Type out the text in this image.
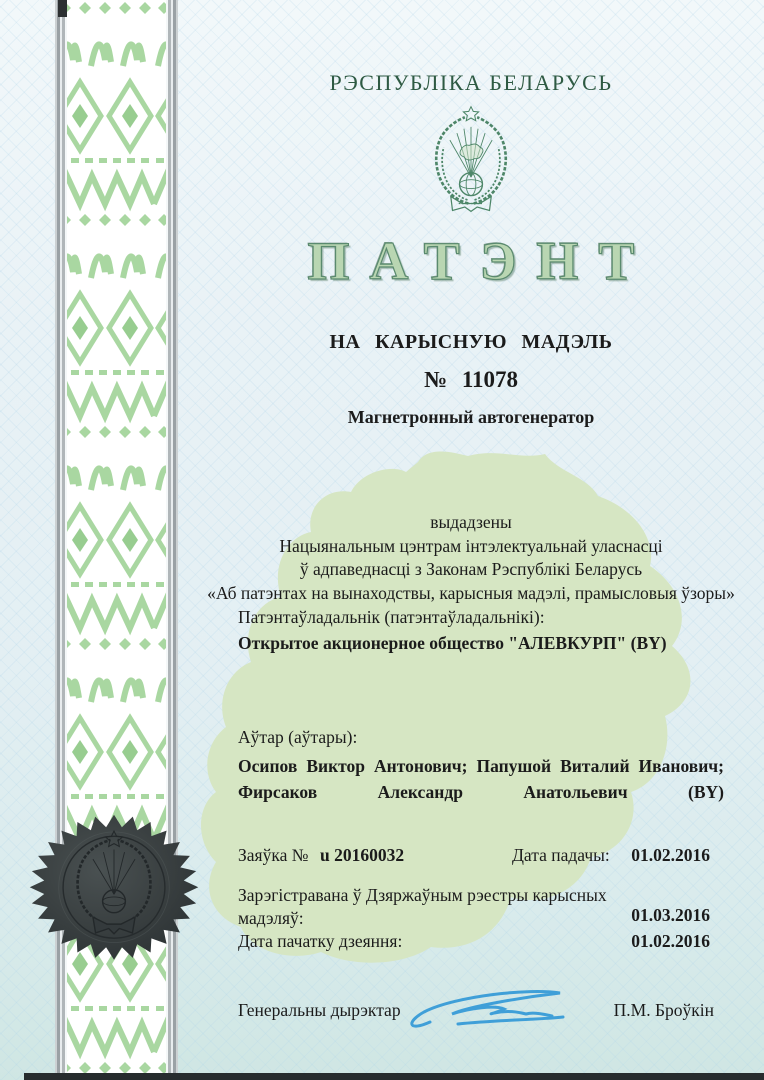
РЭСПУБЛІКА БЕЛАРУСЬ
ПАТЭНТ
НА КАРЫСНУЮ МАДЭЛЬ
№ 11078
Магнетронный автогенератор
выдадзены
Нацыянальным цэнтрам інтэлектуальнай уласнасці
ў адпаведнасці з Законам Рэспублікі Беларусь
«Аб патэнтах на вынаходствы, карысныя мадэлі, прамысловыя ўзоры»
Патэнтаўладальнік (патэнтаўладальнікі):
Открытое акционерное общество "АЛЕВКУРП" (BY)
Аўтар (аўтары):
Осипов Виктор Антонович; Папушой Виталий Иванович; Фирсаков Александр Анатольевич (BY)
Заяўка № u 20160032	Дата падачы: 01.02.2016
Зарэгістравана ў Дзяржаўным рэестры карысных мадэляў:	01.03.2016
Дата пачатку дзеяння:	01.02.2016
Генеральны дырэктар	П.М. Броўкін
